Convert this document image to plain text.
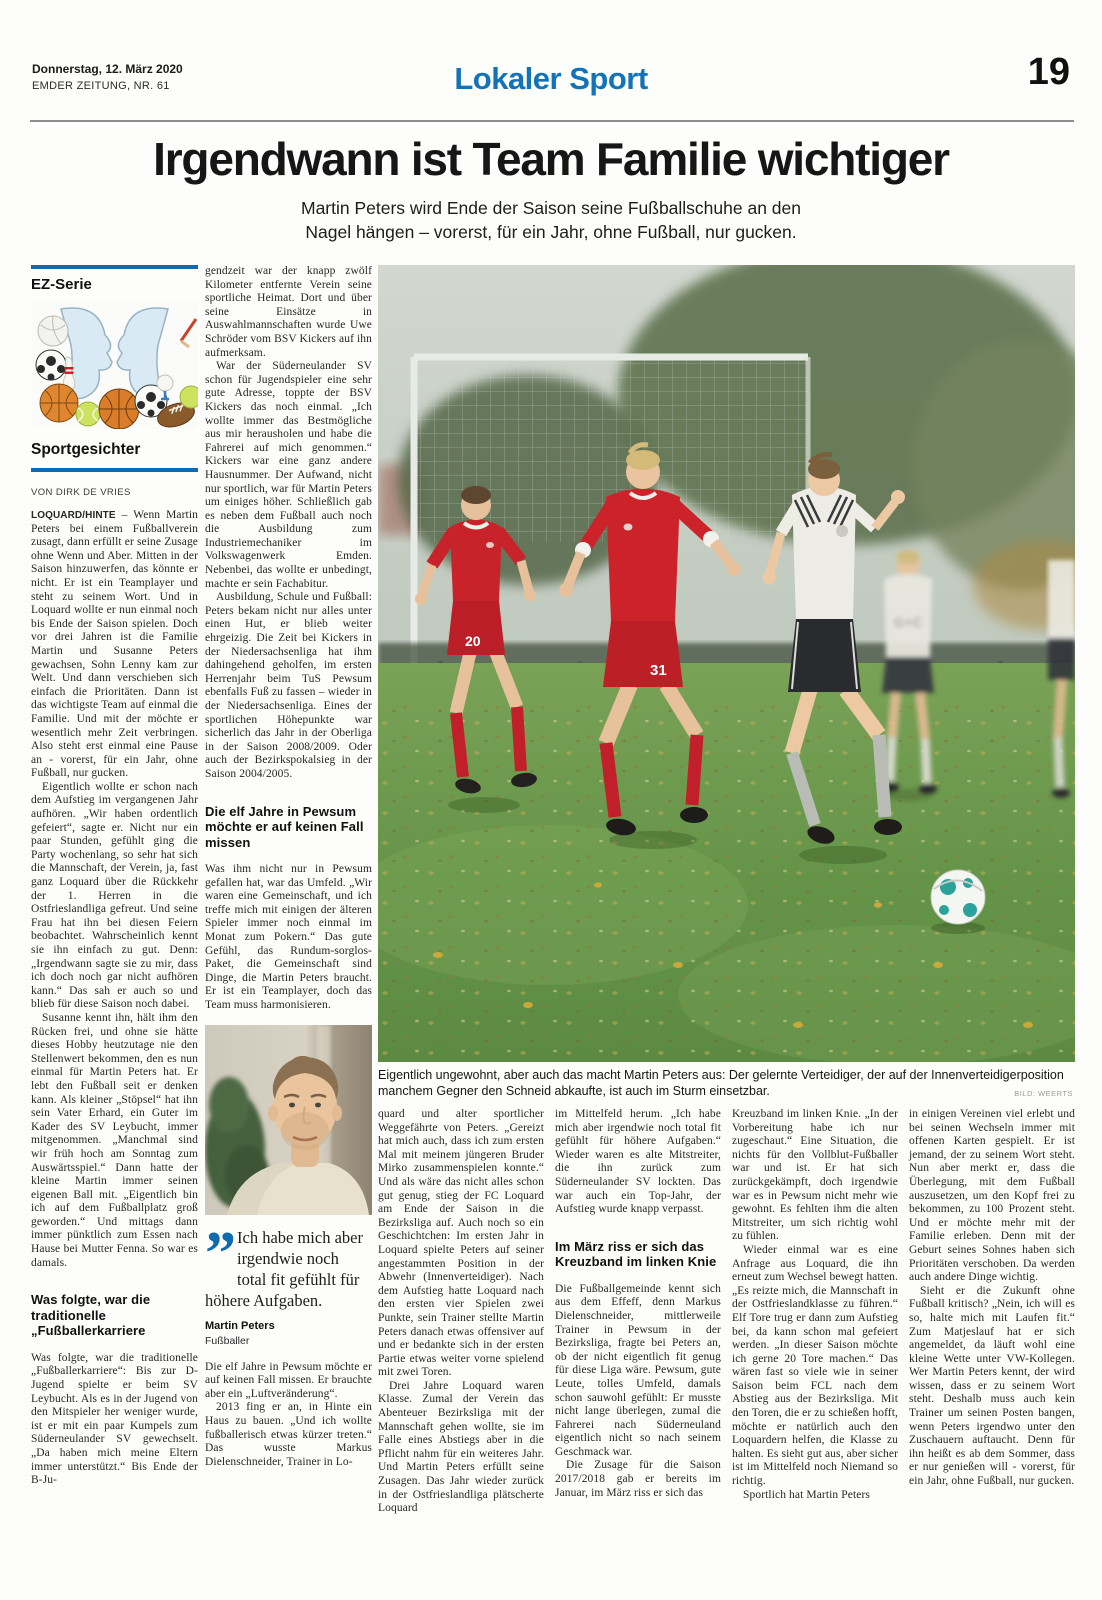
Donnerstag, 12. März 2020
EMDER ZEITUNG, NR. 61	Lokaler Sport	19
Irgendwann ist Team Familie wichtiger
Martin Peters wird Ende der Saison seine Fußballschuhe an den
Nagel hängen – vorerst, für ein Jahr, ohne Fußball, nur gucken.
EZ-Serie
Sportgesichter
VON DIRK DE VRIES

LOQUARD/HINTE – Wenn Martin Peters bei einem Fußballverein zusagt, dann erfüllt er seine Zusage ohne Wenn und Aber. Mitten in der Saison hinzuwerfen, das könnte er nicht. Er ist ein Teamplayer und steht zu seinem Wort. Und in Loquard wollte er nun einmal noch bis Ende der Saison spielen. Doch vor drei Jahren ist die Familie Martin und Susanne Peters gewachsen, Sohn Lenny kam zur Welt. Und dann verschieben sich einfach die Prioritäten. Dann ist das wichtigste Team auf einmal die Familie. Und mit der möchte er wesentlich mehr Zeit verbringen. Also steht erst einmal eine Pause an - vorerst, für ein Jahr, ohne Fußball, nur gucken.

Eigentlich wollte er schon nach dem Aufstieg im vergangenen Jahr aufhören. „Wir haben ordentlich gefeiert“, sagte er. Nicht nur ein paar Stunden, gefühlt ging die Party wochenlang, so sehr hat sich die Mannschaft, der Verein, ja, fast ganz Loquard über die Rückkehr der 1. Herren in die Ostfrieslandliga gefreut. Und seine Frau hat ihn bei diesen Feiern beobachtet. Wahrscheinlich kennt sie ihn einfach zu gut. Denn: „Irgendwann sagte sie zu mir, dass ich doch noch gar nicht aufhören kann.“ Das sah er auch so und blieb für diese Saison noch dabei.

Susanne kennt ihn, hält ihm den Rücken frei, und ohne sie hätte dieses Hobby heutzutage nie den Stellenwert bekommen, den es nun einmal für Martin Peters hat. Er lebt den Fußball seit er denken kann. Als kleiner „Stöpsel“ hat ihn sein Vater Erhard, ein Guter im Kader des SV Leybucht, immer mitgenommen. „Manchmal sind wir früh hoch am Sonntag zum Auswärtsspiel.“ Dann hatte der kleine Martin immer seinen eigenen Ball mit. „Eigentlich bin ich auf dem Fußballplatz groß geworden.“ Und mittags dann immer pünktlich zum Essen nach Hause bei Mutter Fenna. So war es damals.

Was folgte, war die traditionelle „Fußballerkarriere

Was folgte, war die traditionelle „Fußballerkarriere“: Bis zur D-Jugend spielte er beim SV Leybucht. Als es in der Jugend von den Mitspieler her weniger wurde, ist er mit ein paar Kumpels zum Süderneulander SV gewechselt. „Da haben mich meine Eltern immer unterstützt.“ Bis Ende der B-Ju-

gendzeit war der knapp zwölf Kilometer entfernte Verein seine sportliche Heimat. Dort und über seine Einsätze in Auswahlmannschaften wurde Uwe Schröder vom BSV Kickers auf ihn aufmerksam.

War der Süderneulander SV schon für Jugendspieler eine sehr gute Adresse, toppte der BSV Kickers das noch einmal. „Ich wollte immer das Bestmögliche aus mir herausholen und habe die Fahrerei auf mich genommen.“ Kickers war eine ganz andere Hausnummer. Der Aufwand, nicht nur sportlich, war für Martin Peters um einiges höher. Schließlich gab es neben dem Fußball auch noch die Ausbildung zum Industriemechaniker im Volkswagenwerk Emden. Nebenbei, das wollte er unbedingt, machte er sein Fachabitur.

Ausbildung, Schule und Fußball: Peters bekam nicht nur alles unter einen Hut, er blieb weiter ehrgeizig. Die Zeit bei Kickers in der Niedersachsenliga hat ihm dahingehend geholfen, im ersten Herrenjahr beim TuS Pewsum ebenfalls Fuß zu fassen – wieder in der Niedersachsenliga. Eines der sportlichen Höhepunkte war sicherlich das Jahr in der Oberliga in der Saison 2008/2009. Oder auch der Bezirkspokalsieg in der Saison 2004/2005.

Die elf Jahre in Pewsum möchte er auf keinen Fall missen

Was ihm nicht nur in Pewsum gefallen hat, war das Umfeld. „Wir waren eine Gemeinschaft, und ich treffe mich mit einigen der älteren Spieler immer noch einmal im Monat zum Pokern.“ Das gute Gefühl, das Rundum-sorglos-Paket, die Gemeinschaft sind Dinge, die Martin Peters braucht. Er ist ein Teamplayer, doch das Team muss harmonisieren.

” Ich habe mich aber irgendwie noch total fit gefühlt für höhere Aufgaben.
Martin Peters
Fußballer

Die elf Jahre in Pewsum möchte er auf keinen Fall missen. Er brauchte aber ein „Luftveränderung“.

2013 fing er an, in Hinte ein Haus zu bauen. „Und ich wollte fußballerisch etwas kürzer treten.“ Das wusste Markus Dielenschneider, Trainer in Lo-

G+C
20
31
Eigentlich ungewohnt, aber auch das macht Martin Peters aus: Der gelernte Verteidiger, der auf der Innenverteidigerposition manchem Gegner den Schneid abkaufte, ist auch im Sturm einsetzbar.	BILD: WEERTS

quard und alter sportlicher Weggefährte von Peters. „Gereizt hat mich auch, dass ich zum ersten Mal mit meinem jüngeren Bruder Mirko zusammenspielen konnte.“ Und als wäre das nicht alles schon gut genug, stieg der FC Loquard am Ende der Saison in die Bezirksliga auf. Auch noch so ein Geschichtchen: Im ersten Jahr in Loquard spielte Peters auf seiner angestammten Position in der Abwehr (Innenverteidiger). Nach dem Aufstieg hatte Loquard nach den ersten vier Spielen zwei Punkte, sein Trainer stellte Martin Peters danach etwas offensiver auf und er bedankte sich in der ersten Partie etwas weiter vorne spielend mit zwei Toren.

Drei Jahre Loquard waren Klasse. Zumal der Verein das Abenteuer Bezirksliga mit der Mannschaft gehen wollte, sie im Falle eines Abstiegs aber in die Pflicht nahm für ein weiteres Jahr. Und Martin Peters erfüllt seine Zusagen. Das Jahr wieder zurück in der Ostfrieslandliga plätscherte Loquard

im Mittelfeld herum. „Ich habe mich aber irgendwie noch total fit gefühlt für höhere Aufgaben.“ Wieder waren es alte Mitstreiter, die ihn zurück zum Süderneulander SV lockten. Das war auch ein Top-Jahr, der Aufstieg wurde knapp verpasst.

Im März riss er sich das Kreuzband im linken Knie

Die Fußballgemeinde kennt sich aus dem Effeff, denn Markus Dielenschneider, mittlerweile Trainer in Pewsum in der Bezirksliga, fragte bei Peters an, ob der nicht eigentlich fit genug für diese Liga wäre. Pewsum, gute Leute, tolles Umfeld, damals schon sauwohl gefühlt: Er musste nicht lange überlegen, zumal die Fahrerei nach Süderneuland eigentlich nicht so nach seinem Geschmack war.

Die Zusage für die Saison 2017/2018 gab er bereits im Januar, im März riss er sich das

Kreuzband im linken Knie. „In der Vorbereitung habe ich nur zugeschaut.“ Eine Situation, die nichts für den Vollblut-Fußballer war und ist. Er hat sich zurückgekämpft, doch irgendwie war es in Pewsum nicht mehr wie gewohnt. Es fehlten ihm die alten Mitstreiter, um sich richtig wohl zu fühlen.

Wieder einmal war es eine Anfrage aus Loquard, die ihn erneut zum Wechsel bewegt hatten. „Es reizte mich, die Mannschaft in der Ostfrieslandklasse zu führen.“ Elf Tore trug er dann zum Aufstieg bei, da kann schon mal gefeiert werden. „In dieser Saison möchte ich gerne 20 Tore machen.“ Das wären fast so viele wie in seiner Saison beim FCL nach dem Abstieg aus der Bezirksliga. Mit den Toren, die er zu schießen hofft, möchte er natürlich auch den Loquardern helfen, die Klasse zu halten. Es sieht gut aus, aber sicher ist im Mittelfeld noch Niemand so richtig.

Sportlich hat Martin Peters

in einigen Vereinen viel erlebt und bei seinen Wechseln immer mit offenen Karten gespielt. Er ist jemand, der zu seinem Wort steht. Nun aber merkt er, dass die Überlegung, mit dem Fußball auszusetzen, um den Kopf frei zu bekommen, zu 100 Prozent steht. Und er möchte mehr mit der Familie erleben. Denn mit der Geburt seines Sohnes haben sich Prioritäten verschoben. Da werden auch andere Dinge wichtig.

Sieht er die Zukunft ohne Fußball kritisch? „Nein, ich will es so, halte mich mit Laufen fit.“ Zum Matjeslauf hat er sich angemeldet, da läuft wohl eine kleine Wette unter VW-Kollegen. Wer Martin Peters kennt, der wird wissen, dass er zu seinem Wort steht. Deshalb muss auch kein Trainer um seinen Posten bangen, wenn Peters irgendwo unter den Zuschauern auftaucht. Denn für ihn heißt es ab dem Sommer, dass er nur genießen will - vorerst, für ein Jahr, ohne Fußball, nur gucken.
